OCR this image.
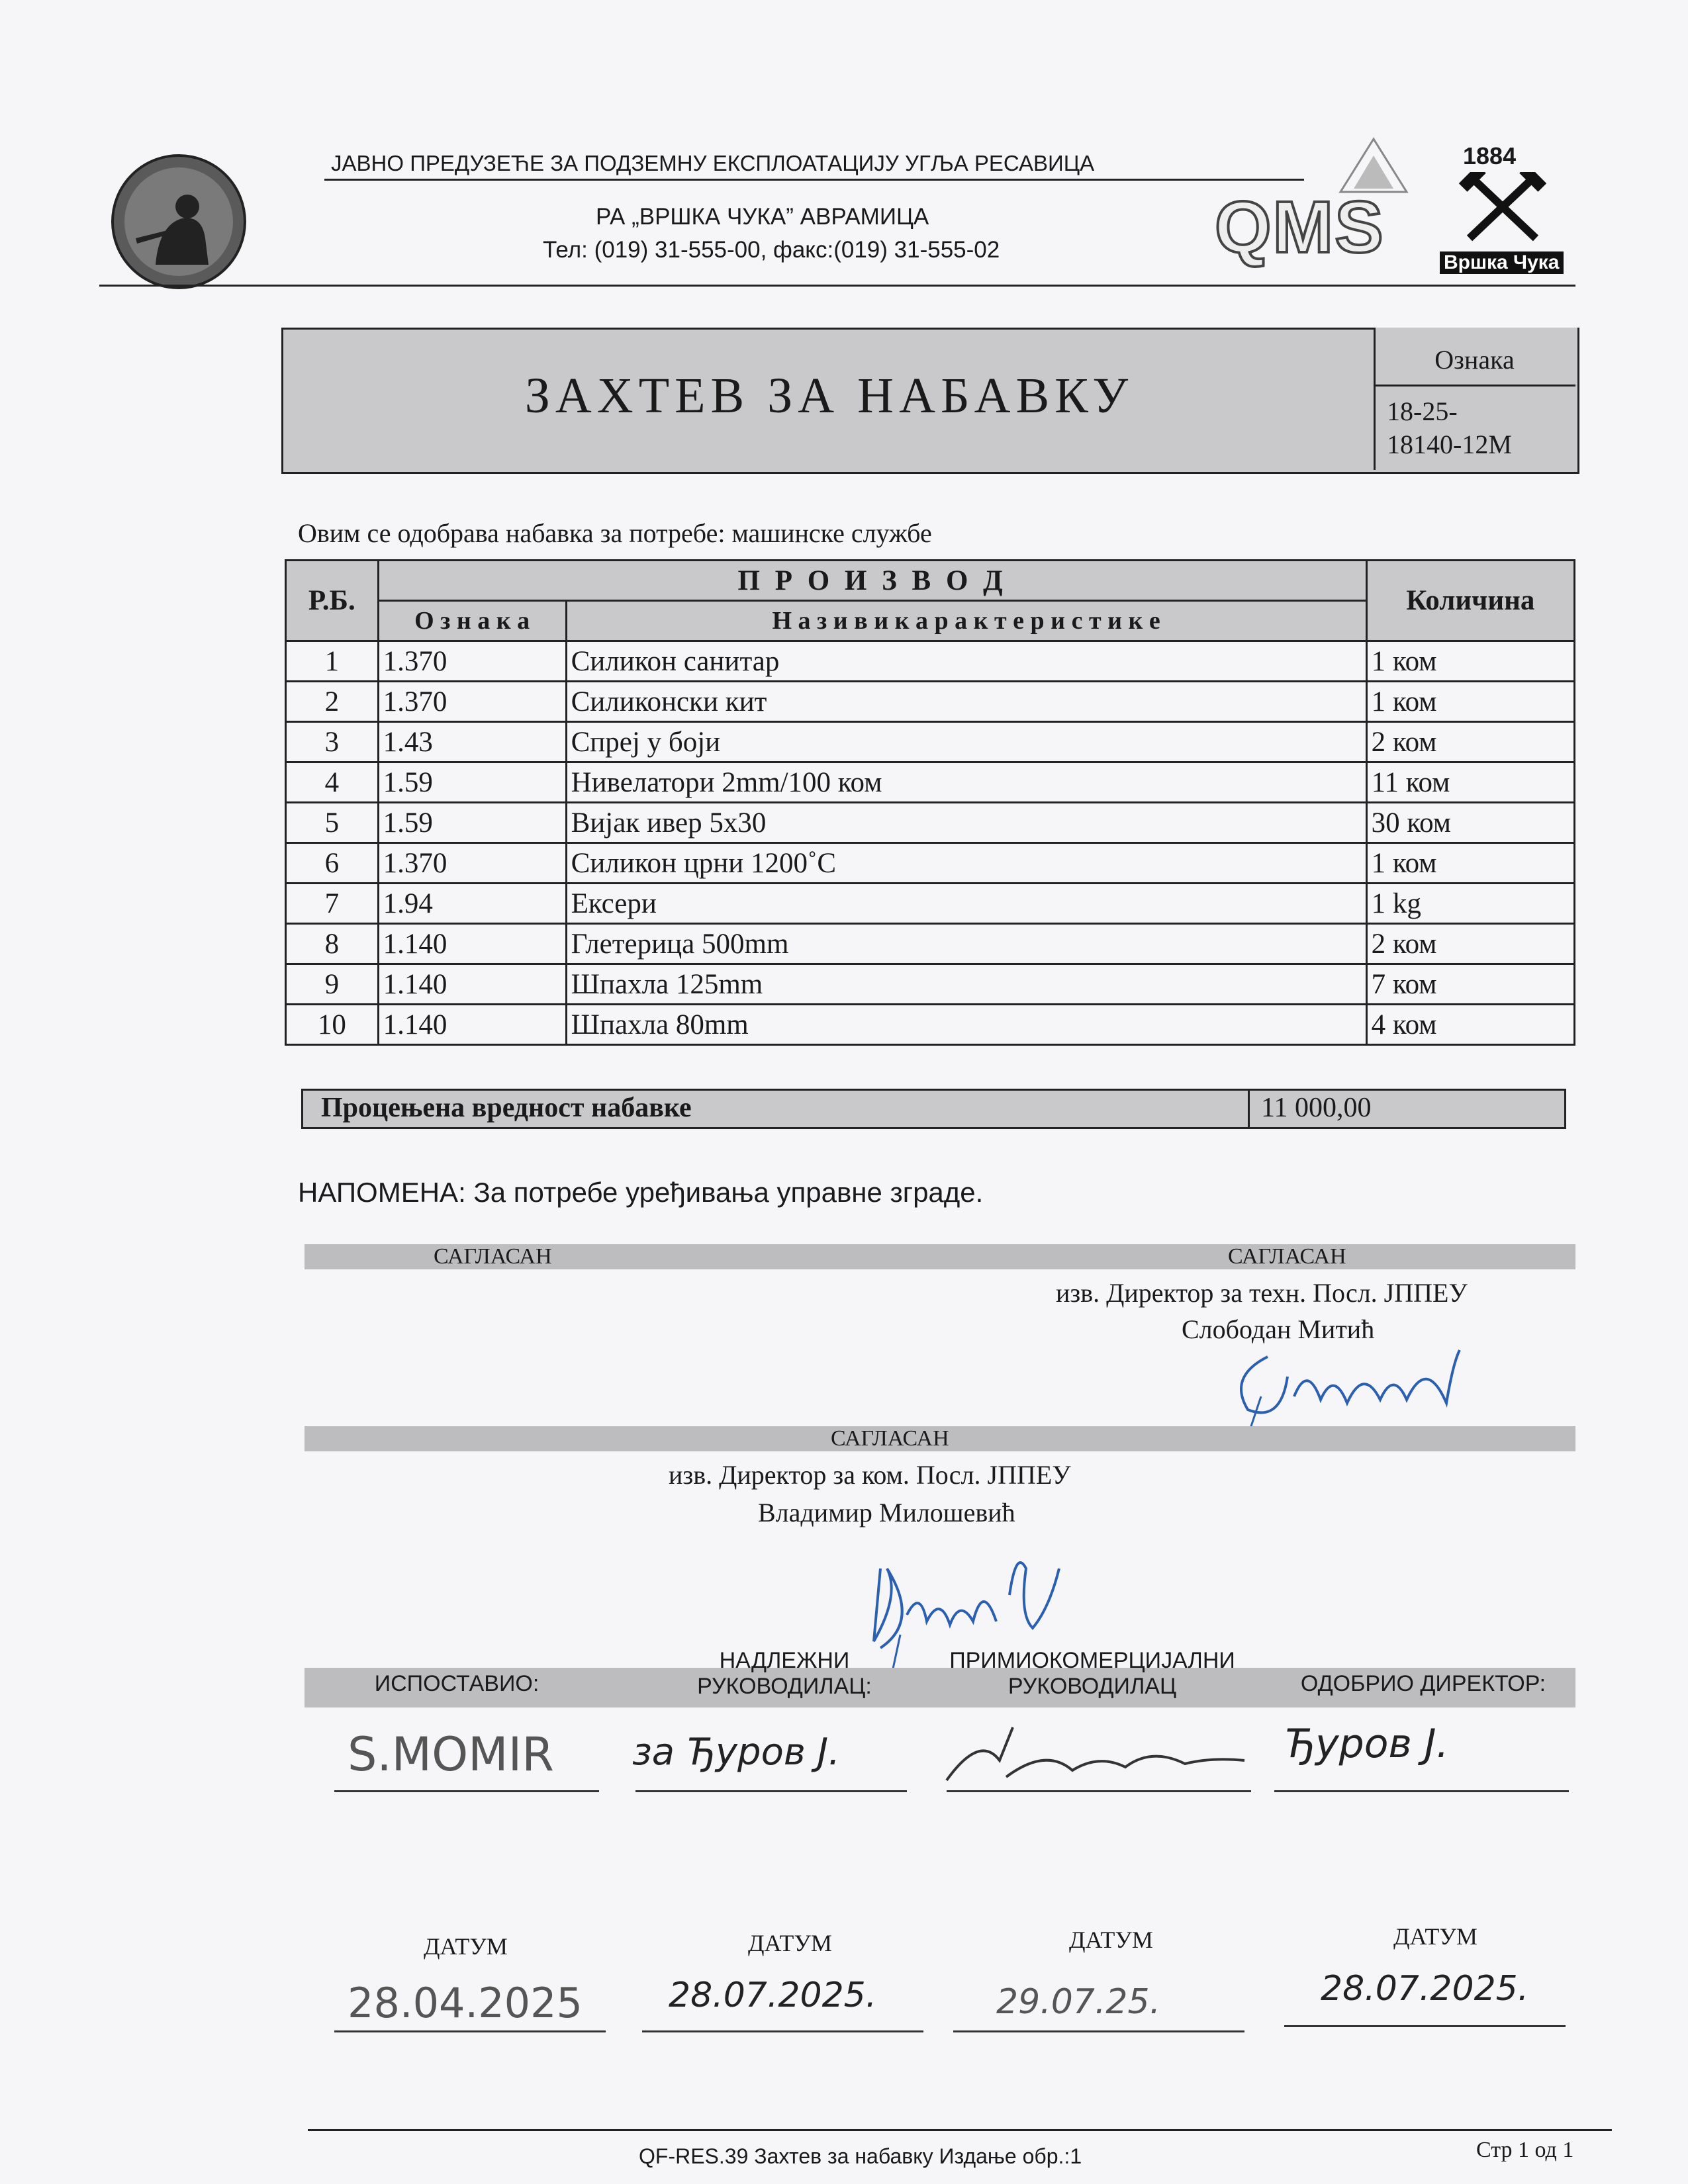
ЈАВНО ПРЕДУЗЕЋЕ ЗА ПОДЗЕМНУ ЕКСПЛОАТАЦИЈУ УГЉА РЕСАВИЦА
РА „ВРШКА ЧУКА” АВРАМИЦА
Тел: (019) 31-555-00, факс:(019) 31-555-02	QMS
1884
Вршка Чука
ЗАХТЕВ ЗА НАБАВКУ
Ознака
18-25-
18140-12М
Овим се одобрава набавка за потребе: машинске службе
Р.Б.	П Р О И З В О Д		Количина
	О з н а к а	Н а з и в и к а р а к т е р и с т и к е	
1	1.370	Силикон санитар	1 ком
2	1.370	Силиконски кит	1 ком
3	1.43	Спреј у боји	2 ком
4	1.59	Нивелатори 2mm/100 ком	11 ком
5	1.59	Вијак ивер 5x30	30 ком
6	1.370	Силикон црни 1200˚C	1 ком
7	1.94	Ексери	1 kg
8	1.140	Глетерица 500mm	2 ком
9	1.140	Шпахла 125mm	7 ком
10	1.140	Шпахла 80mm	4 ком
Процењена вредност набавке	11 000,00
НАПОМЕНА: За потребе уређивања управне зграде.
САГЛАСАН	САГЛАСАН
изв. Директор за техн. Посл. ЈППЕУ
Слободан Митић
САГЛАСАН
изв. Директор за ком. Посл. ЈППЕУ
Владимир Милошевић
ИСПОСТАВИО:
НАДЛЕЖНИ
РУКОВОДИЛАЦ:
ПРИМИОКОМЕРЦИЈАЛНИ
РУКОВОДИЛАЦ	ОДОБРИО ДИРЕКТОР:
S.MOMIR за Ђуров Ј.	Ђуров Ј.
ДАТУМ	ДАТУМ	ДАТУМ	ДАТУМ
28.04.2025	28.07.2025.	29.07.25.	28.07.2025.
QF-RES.39 Захтев за набавку Издање обр.:1	Стр 1 од 1
